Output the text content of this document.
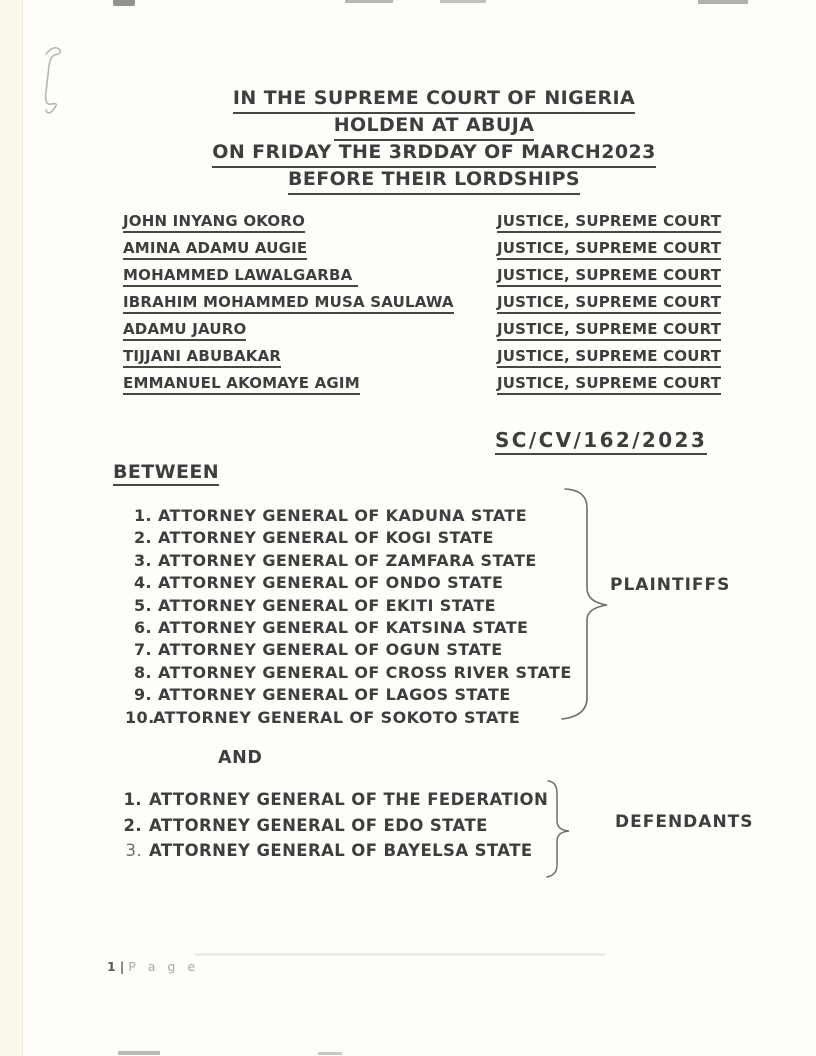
IN THE SUPREME COURT OF NIGERIA
HOLDEN AT ABUJA
ON FRIDAY THE 3RDDAY OF MARCH2023
BEFORE THEIR LORDSHIPS
JOHN INYANG OKORO	JUSTICE, SUPREME COURT
AMINA ADAMU AUGIE	JUSTICE, SUPREME COURT
MOHAMMED LAWALGARBA	JUSTICE, SUPREME COURT
IBRAHIM MOHAMMED MUSA SAULAWA	JUSTICE, SUPREME COURT
ADAMU JAURO	JUSTICE, SUPREME COURT
TIJJANI ABUBAKAR	JUSTICE, SUPREME COURT
EMMANUEL AKOMAYE AGIM	JUSTICE, SUPREME COURT
SC/CV/162/2023
BETWEEN
1. ATTORNEY GENERAL OF KADUNA STATE
2. ATTORNEY GENERAL OF KOGI STATE
3. ATTORNEY GENERAL OF ZAMFARA STATE
4. ATTORNEY GENERAL OF ONDO STATE
5. ATTORNEY GENERAL OF EKITI STATE
6. ATTORNEY GENERAL OF KATSINA STATE
7. ATTORNEY GENERAL OF OGUN STATE
8. ATTORNEY GENERAL OF CROSS RIVER STATE
9. ATTORNEY GENERAL OF LAGOS STATE
10.ATTORNEY GENERAL OF SOKOTO STATE
PLAINTIFFS
AND
1. ATTORNEY GENERAL OF THE FEDERATION
2. ATTORNEY GENERAL OF EDO STATE
3. ATTORNEY GENERAL OF BAYELSA STATE
DEFENDANTS
1 | P a g e
